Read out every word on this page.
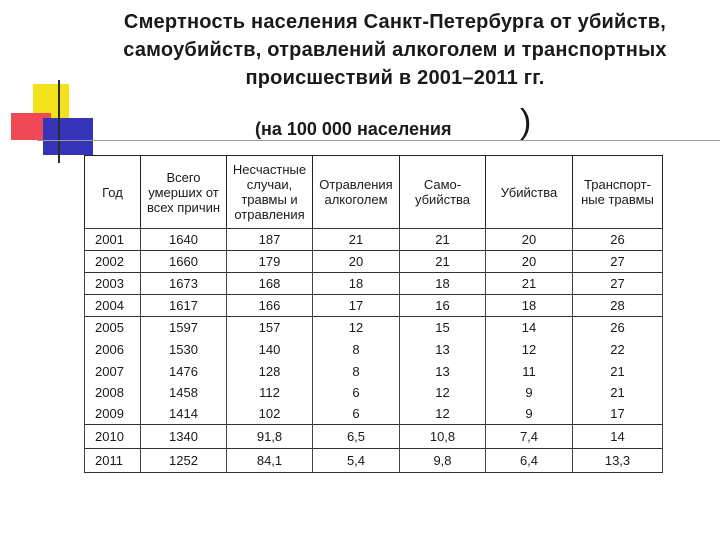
Смертность населения Санкт-Петербурга от убийств, самоубийств, отравлений алкоголем и транспортных происшествий в 2001–2011 гг.
(на 100 000 населения )
Год	Всего умерших от всех причин	Несчастные случаи, травмы и отравления	Отравления алкоголем	Само-убийства	Убийства	Транспорт-ные травмы
2001	1640	187	21	21	20	26
2002	1660	179	20	21	20	27
2003	1673	168	18	18	21	27
2004	1617	166	17	16	18	28
2005	1597	157	12	15	14	26
2006	1530	140	8	13	12	22
2007	1476	128	8	13	11	21
2008	1458	112	6	12	9	21
2009	1414	102	6	12	9	17
2010	1340	91,8	6,5	10,8	7,4	14
2011	1252	84,1	5,4	9,8	6,4	13,3
